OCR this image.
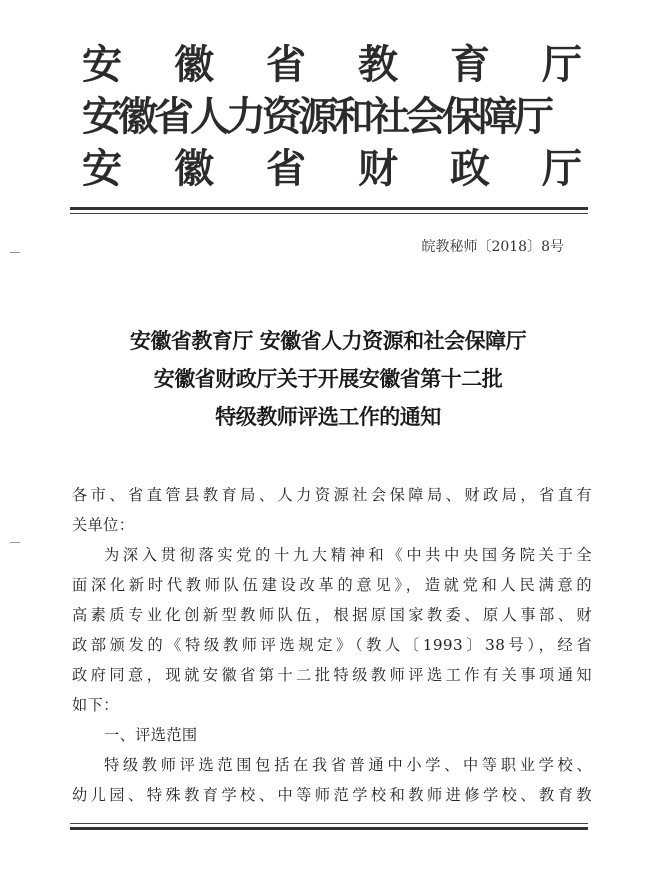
安 徽 省 教 育 厅
安徽省人力资源和社会保障厅
安 徽 省 财 政 厅
皖教秘师〔2018〕8号
安徽省教育厅 安徽省人力资源和社会保障厅
安徽省财政厅关于开展安徽省第十二批
特级教师评选工作的通知
各市、省直管县教育局、人力资源社会保障局、财政局，省直有
关单位：
为深入贯彻落实党的十九大精神和《中共中央国务院关于全
面深化新时代教师队伍建设改革的意见》，造就党和人民满意的
高素质专业化创新型教师队伍，根据原国家教委、原人事部、财
政部颁发的《特级教师评选规定》（教人〔1993〕38号），经省
政府同意，现就安徽省第十二批特级教师评选工作有关事项通知
如下：
一、评选范围
特级教师评选范围包括在我省普通中小学、中等职业学校、
幼儿园、特殊教育学校、中等师范学校和教师进修学校、教育教
